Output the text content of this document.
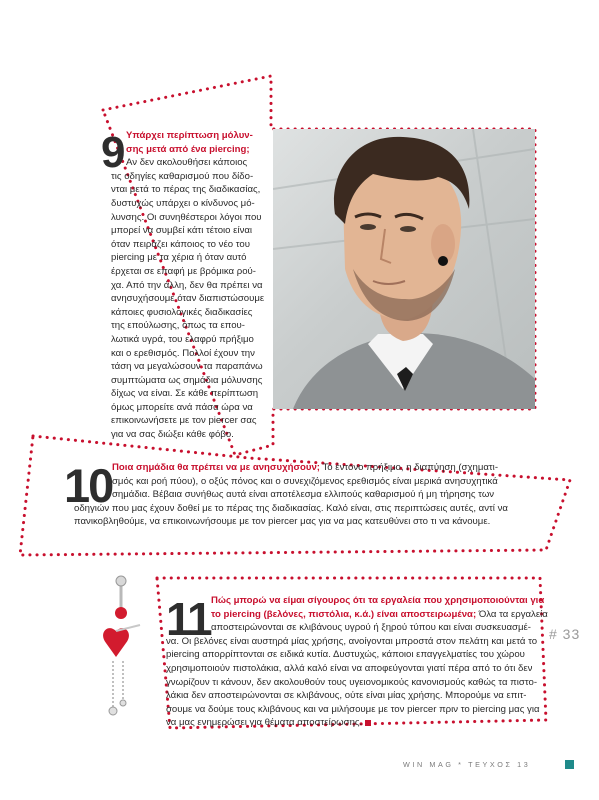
9 Υπάρχει περίπτωση μόλυν-
σης μετά από ένα piercing;
Αν δεν ακολουθήσει κάποιος
τις οδηγίες καθαρισμού που δίδο-
νται μετά το πέρας της διαδικασίας,
δυστυχώς υπάρχει ο κίνδυνος μό-
λυνσης. Οι συνηθέστεροι λόγοι που
μπορεί να συμβεί κάτι τέτοιο είναι
όταν πειράζει κάποιος το νέο του
piercing με τα χέρια ή όταν αυτό
έρχεται σε επαφή με βρόμικα ρού-
χα. Από την άλλη, δεν θα πρέπει να
ανησυχήσουμε όταν διαπιστώσουμε
κάποιες φυσιολογικές διαδικασίες
της επούλωσης, όπως τα επου-
λωτικά υγρά, του ελαφρύ πρήξιμο
και ο ερεθισμός. Πολλοί έχουν την
τάση να μεγαλώσουν τα παραπάνω
συμπτώματα ως σημάδια μόλυνσης
δίχως να είναι. Σε κάθε περίπτωση
όμως μπορείτε ανά πάσα ώρα να
επικοινωνήσετε με τον piercer σας
για να σας διώξει κάθε φόβο.
10 Ποια σημάδια θα πρέπει να με ανησυχήσουν; Το έντονο πρήξιμο, η διαπύηση (σχηματι-
σμός και ροή πύου), ο οξύς πόνος και ο συνεχιζόμενος ερεθισμός είναι μερικά ανησυχητικά
σημάδια. Βέβαια συνήθως αυτά είναι αποτέλεσμα ελλιπούς καθαρισμού ή μη τήρησης των
οδηγιών που μας έχουν δοθεί με το πέρας της διαδικασίας. Καλό είναι, στις περιπτώσεις αυτές, αντί να
πανικοβληθούμε, να επικοινωνήσουμε με τον piercer μας για να μας κατευθύνει στο τι να κάνουμε.
11 Πώς μπορώ να είμαι σίγουρος ότι τα εργαλεία που χρησιμοποιούνται για
το piercing (βελόνες, πιστόλια, κ.ά.) είναι αποστειρωμένα; Όλα τα εργαλεία
αποστειρώνονται σε κλιβάνους υγρού ή ξηρού τύπου και είναι συσκευασμέ-
να. Οι βελόνες είναι αυστηρά μίας χρήσης, ανοίγονται μπροστά στον πελάτη και μετά το
piercing απορρίπτονται σε ειδικά κυτία. Δυστυχώς, κάποιοι επαγγελματίες του χώρου
χρησιμοποιούν πιστολάκια, αλλά καλό είναι να αποφεύγονται γιατί πέρα από το ότι δεν
γνωρίζουν τι κάνουν, δεν ακολουθούν τους υγειονομικούς κανονισμούς καθώς τα πιστο-
λάκια δεν αποστειρώνονται σε κλιβάνους, ούτε είναι μίας χρήσης. Μπορούμε να επιτ-
σουμε να δούμε τους κλιβάνους και να μιλήσουμε με τον piercer πριν το piercing μας για
να μας ενημερώσει για θέματα αποστείρωσης.
# 33
WIN MAG * ΤΕΥΧΟΣ 13
